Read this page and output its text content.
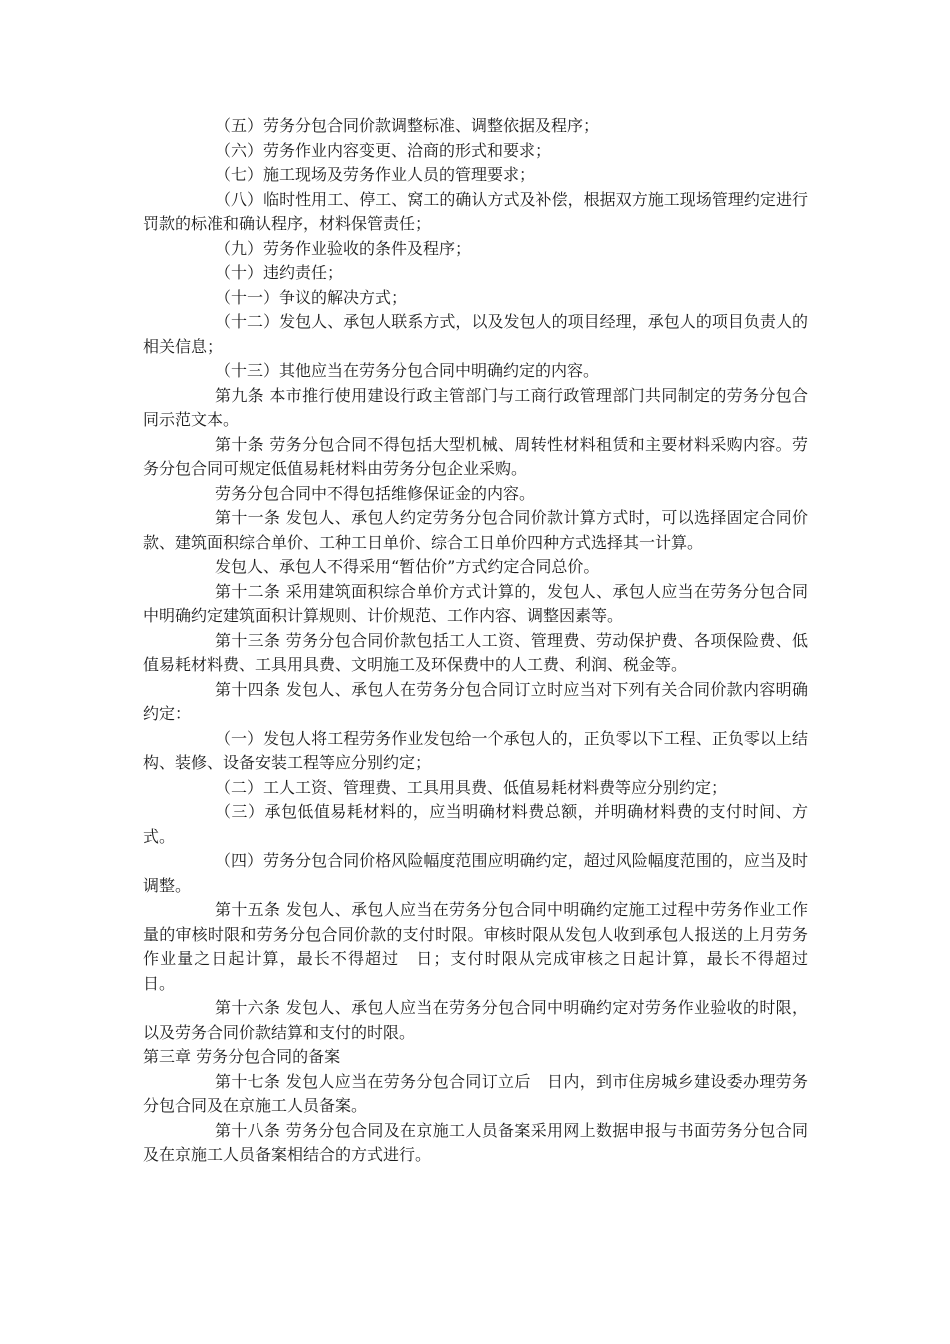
（五）劳务分包合同价款调整标准、调整依据及程序；

（六）劳务作业内容变更、洽商的形式和要求；

（七）施工现场及劳务作业人员的管理要求；

（八）临时性用工、停工、窝工的确认方式及补偿，根据双方施工现场管理约定进行罚款的标准和确认程序，材料保管责任；

（九）劳务作业验收的条件及程序；

（十）违约责任；

（十一）争议的解决方式；

（十二）发包人、承包人联系方式，以及发包人的项目经理，承包人的项目负责人的相关信息；

（十三）其他应当在劳务分包合同中明确约定的内容。

第九条 本市推行使用建设行政主管部门与工商行政管理部门共同制定的劳务分包合同示范文本。

第十条 劳务分包合同不得包括大型机械、周转性材料租赁和主要材料采购内容。劳务分包合同可规定低值易耗材料由劳务分包企业采购。

劳务分包合同中不得包括维修保证金的内容。

第十一条 发包人、承包人约定劳务分包合同价款计算方式时，可以选择固定合同价款、建筑面积综合单价、工种工日单价、综合工日单价四种方式选择其一计算。

发包人、承包人不得采用“暂估价”方式约定合同总价。

第十二条 采用建筑面积综合单价方式计算的，发包人、承包人应当在劳务分包合同中明确约定建筑面积计算规则、计价规范、工作内容、调整因素等。

第十三条 劳务分包合同价款包括工人工资、管理费、劳动保护费、各项保险费、低值易耗材料费、工具用具费、文明施工及环保费中的人工费、利润、税金等。

第十四条 发包人、承包人在劳务分包合同订立时应当对下列有关合同价款内容明确约定：

（一）发包人将工程劳务作业发包给一个承包人的，正负零以下工程、正负零以上结构、装修、设备安装工程等应分别约定；

（二）工人工资、管理费、工具用具费、低值易耗材料费等应分别约定；

（三）承包低值易耗材料的，应当明确材料费总额，并明确材料费的支付时间、方式。

（四）劳务分包合同价格风险幅度范围应明确约定，超过风险幅度范围的，应当及时调整。

第十五条 发包人、承包人应当在劳务分包合同中明确约定施工过程中劳务作业工作量的审核时限和劳务分包合同价款的支付时限。审核时限从发包人收到承包人报送的上月劳务作业量之日起计算，最长不得超过　日；支付时限从完成审核之日起计算，最长不得超过　日。

第十六条 发包人、承包人应当在劳务分包合同中明确约定对劳务作业验收的时限，以及劳务合同价款结算和支付的时限。

第三章 劳务分包合同的备案

第十七条 发包人应当在劳务分包合同订立后　日内，到市住房城乡建设委办理劳务分包合同及在京施工人员备案。

第十八条 劳务分包合同及在京施工人员备案采用网上数据申报与书面劳务分包合同及在京施工人员备案相结合的方式进行。
